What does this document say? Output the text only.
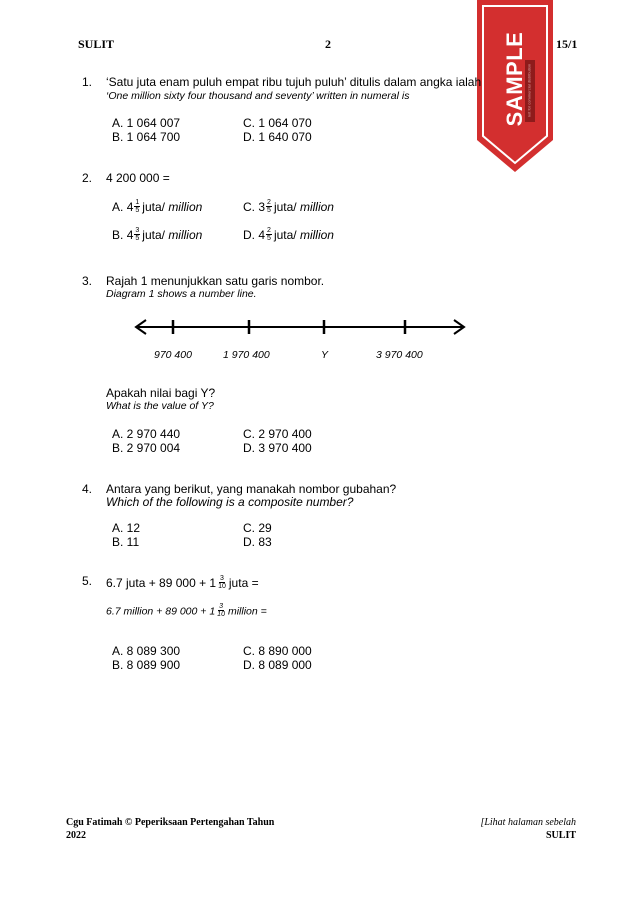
SULIT	2	15/1
SAMPLE not for commercial distribution
1. ‘Satu juta enam puluh empat ribu tujuh puluh’ ditulis dalam angka ialah
‘One million sixty four thousand and seventy’ written in numeral is
A. 1 064 007
B. 1 064 700
C. 1 064 070
D. 1 640 070
2. 4 200 000 =
A. $4 \frac{1}{5}$ juta/ million
B. $4 \frac{3}{5}$ juta/ million
C. $3 \frac{2}{5}$ juta/ million
D. $4 \frac{2}{5}$ juta/ million
3. Rajah 1 menunjukkan satu garis nombor.
Diagram 1 shows a number line.
970 400	1 970 400	Y	3 970 400
Apakah nilai bagi Y?
What is the value of Y?
A. 2 970 440
B. 2 970 004
C. 2 970 400
D. 3 970 400
4. Antara yang berikut, yang manakah nombor gubahan?
Which of the following is a composite number?
A. 12
B. 11
C. 29
D. 83
5. 6.7 juta + 89 $000 + 1 \frac{3}{10}$ juta =
6.7 million + 89 $000 + 1 \frac{3}{10}$ million =
A. 8 089 300
B. 8 089 900
C. 8 890 000
D. 8 089 000
Cgu Fatimah © Peperiksaan Pertengahan Tahun
2022
[Lihat halaman sebelah
SULIT
